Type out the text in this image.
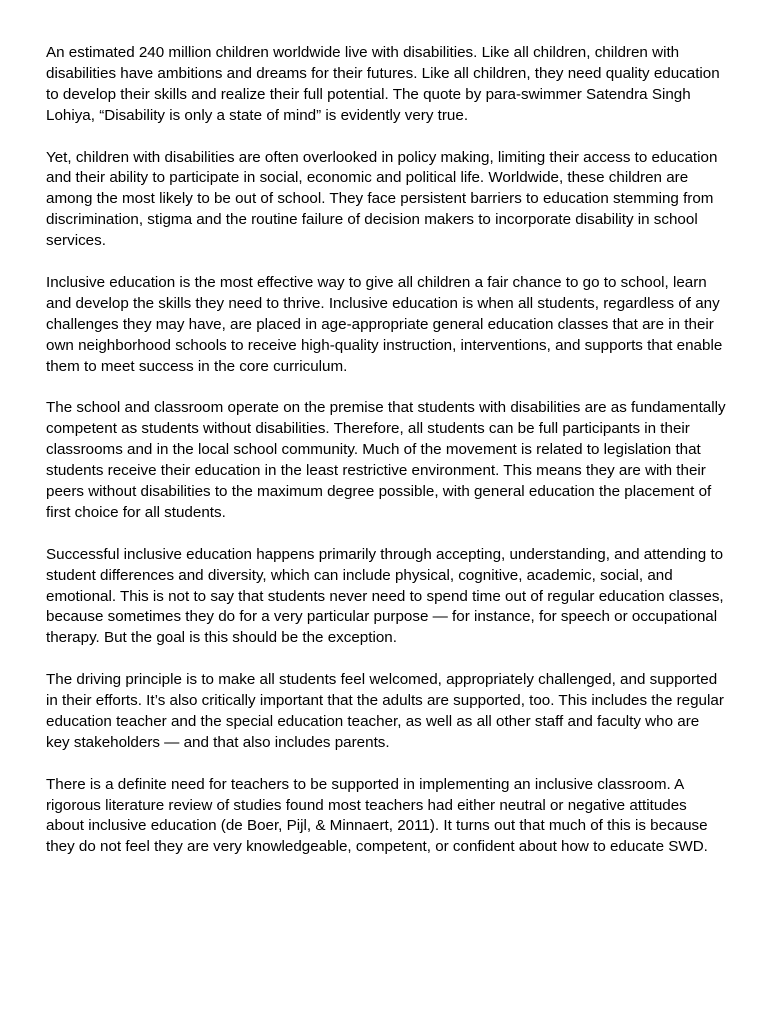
An estimated 240 million children worldwide live with disabilities. Like all children, children with disabilities have ambitions and dreams for their futures. Like all children, they need quality education to develop their skills and realize their full potential. The quote by para-swimmer Satendra Singh Lohiya, “Disability is only a state of mind” is evidently very true.

Yet, children with disabilities are often overlooked in policy making, limiting their access to education and their ability to participate in social, economic and political life. Worldwide, these children are among the most likely to be out of school. They face persistent barriers to education stemming from discrimination, stigma and the routine failure of decision makers to incorporate disability in school services.

Inclusive education is the most effective way to give all children a fair chance to go to school, learn and develop the skills they need to thrive. Inclusive education is when all students, regardless of any challenges they may have, are placed in age-appropriate general education classes that are in their own neighborhood schools to receive high-quality instruction, interventions, and supports that enable them to meet success in the core curriculum.

The school and classroom operate on the premise that students with disabilities are as fundamentally competent as students without disabilities. Therefore, all students can be full participants in their classrooms and in the local school community. Much of the movement is related to legislation that students receive their education in the least restrictive environment. This means they are with their peers without disabilities to the maximum degree possible, with general education the placement of first choice for all students.

Successful inclusive education happens primarily through accepting, understanding, and attending to student differences and diversity, which can include physical, cognitive, academic, social, and emotional. This is not to say that students never need to spend time out of regular education classes, because sometimes they do for a very particular purpose — for instance, for speech or occupational therapy. But the goal is this should be the exception.

The driving principle is to make all students feel welcomed, appropriately challenged, and supported in their efforts. It’s also critically important that the adults are supported, too. This includes the regular education teacher and the special education teacher, as well as all other staff and faculty who are key stakeholders — and that also includes parents.

There is a definite need for teachers to be supported in implementing an inclusive classroom. A rigorous literature review of studies found most teachers had either neutral or negative attitudes about inclusive education (de Boer, Pijl, & Minnaert, 2011). It turns out that much of this is because they do not feel they are very knowledgeable, competent, or confident about how to educate SWD.
